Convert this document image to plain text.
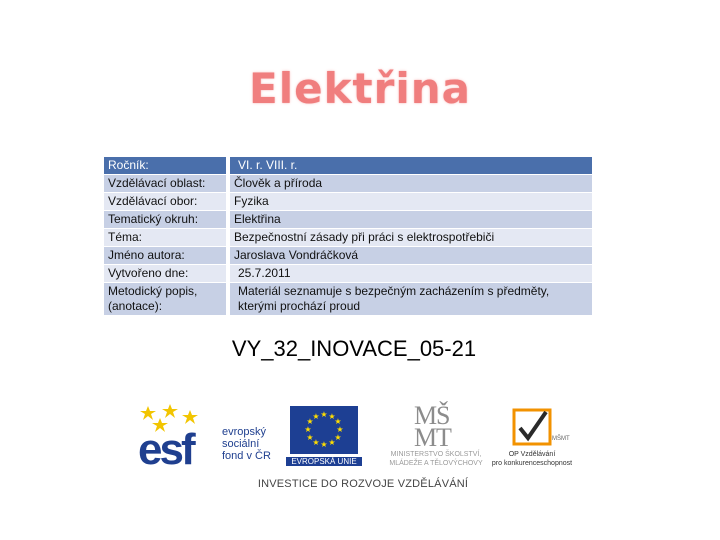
Elektřina
Ročník:		VI. r. VIII. r.
Vzdělávací oblast:		Člověk a příroda
Vzdělávací obor:		Fyzika
Tematický okruh:		Elektřina
Téma:		Bezpečnostní zásady při práci s elektrospotřebiči
Jméno autora:		Jaroslava Vondráčková
Vytvořeno dne:		25.7.2011
Metodický popis, (anotace):		Materiál seznamuje s bezpečným zacházením s předměty, kterými prochází proud
VY_32_INOVACE_05-21
esf	evropský
sociální
fond v ČR
★ ★
★
★
★
★
★
★
★
★
★
★
EVROPSKÁ UNIE
M
Š
M
T
MINISTERSTVO ŠKOLSTVÍ,
MLÁDEŽE A TĚLOVÝCHOVY
MŠMT
OP Vzdělávání
pro konkurenceschopnost
INVESTICE DO ROZVOJE VZDĚLÁVÁNÍ
